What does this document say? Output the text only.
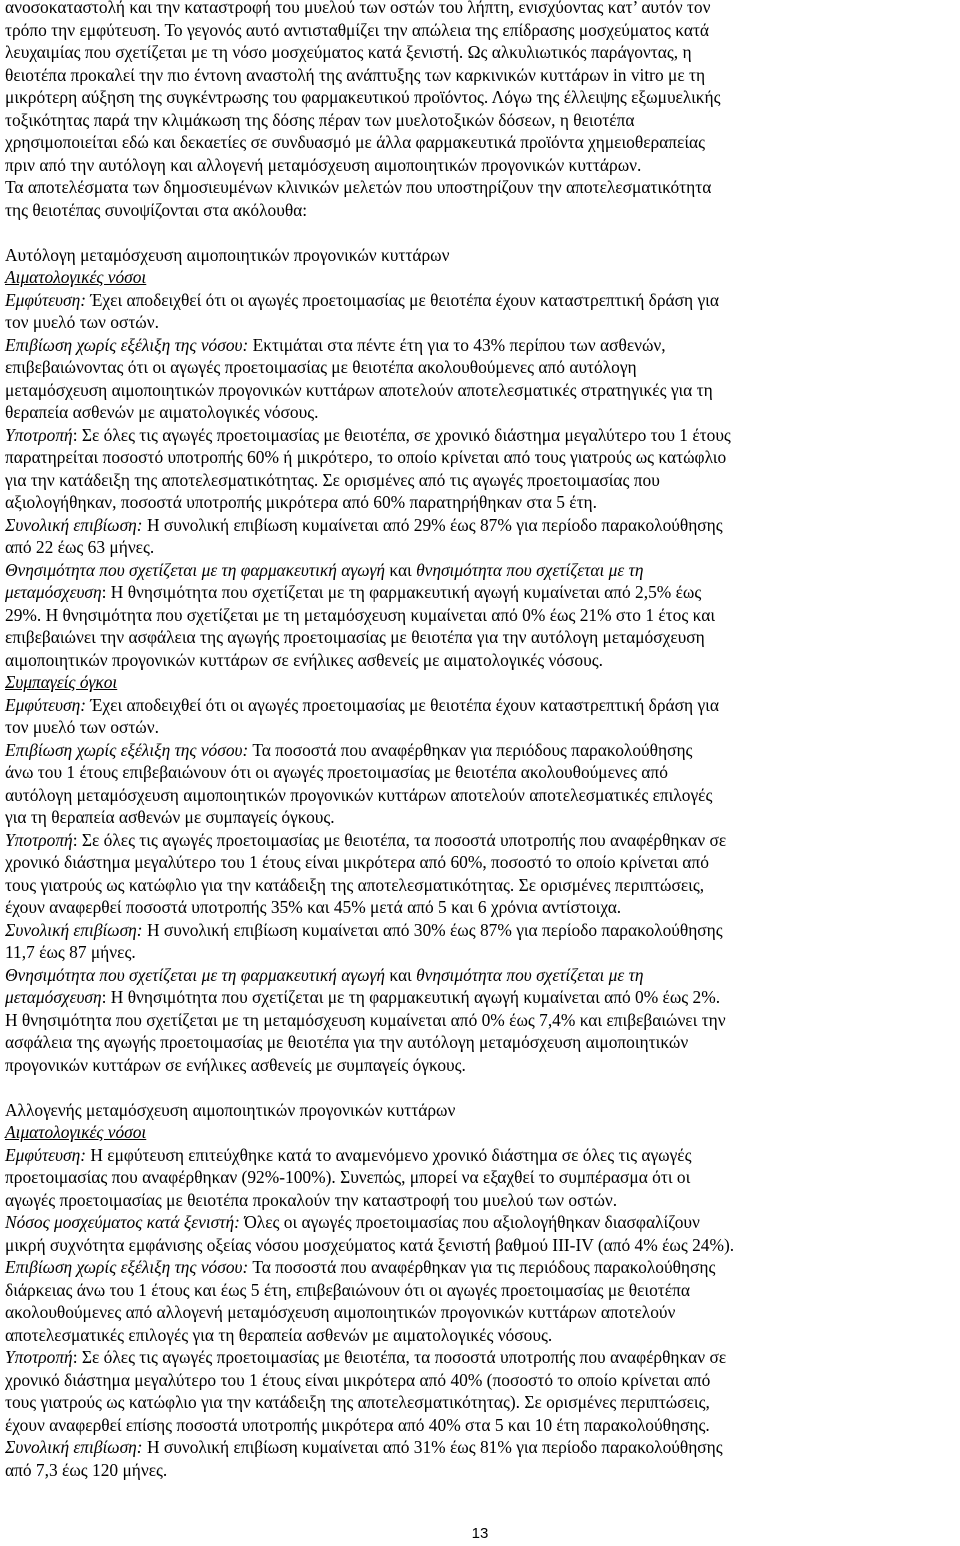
ανοσοκαταστολή και την καταστροφή του μυελού των οστών του λήπτη, ενισχύοντας κατ’ αυτόν τον

τρόπο την εμφύτευση. Το γεγονός αυτό αντισταθμίζει την απώλεια της επίδρασης μοσχεύματος κατά

λευχαιμίας που σχετίζεται με τη νόσο μοσχεύματος κατά ξενιστή. Ως αλκυλιωτικός παράγοντας, η

θειοτέπα προκαλεί την πιο έντονη αναστολή της ανάπτυξης των καρκινικών κυττάρων in vitro με τη

μικρότερη αύξηση της συγκέντρωσης του φαρμακευτικού προϊόντος. Λόγω της έλλειψης εξωμυελικής

τοξικότητας παρά την κλιμάκωση της δόσης πέραν των μυελοτοξικών δόσεων, η θειοτέπα

χρησιμοποιείται εδώ και δεκαετίες σε συνδυασμό με άλλα φαρμακευτικά προϊόντα χημειοθεραπείας

πριν από την αυτόλογη και αλλογενή μεταμόσχευση αιμοποιητικών προγονικών κυττάρων.

Τα αποτελέσματα των δημοσιευμένων κλινικών μελετών που υποστηρίζουν την αποτελεσματικότητα

της θειοτέπας συνοψίζονται στα ακόλουθα:

Αυτόλογη μεταμόσχευση αιμοποιητικών προγονικών κυττάρων

Αιματολογικές νόσοι

Εμφύτευση: Έχει αποδειχθεί ότι οι αγωγές προετοιμασίας με θειοτέπα έχουν καταστρεπτική δράση για

τον μυελό των οστών.

Επιβίωση χωρίς εξέλιξη της νόσου: Εκτιμάται στα πέντε έτη για το 43% περίπου των ασθενών,

επιβεβαιώνοντας ότι οι αγωγές προετοιμασίας με θειοτέπα ακολουθούμενες από αυτόλογη

μεταμόσχευση αιμοποιητικών προγονικών κυττάρων αποτελούν αποτελεσματικές στρατηγικές για τη

θεραπεία ασθενών με αιματολογικές νόσους.

Υποτροπή: Σε όλες τις αγωγές προετοιμασίας με θειοτέπα, σε χρονικό διάστημα μεγαλύτερο του 1 έτους

παρατηρείται ποσοστό υποτροπής 60% ή μικρότερο, το οποίο κρίνεται από τους γιατρούς ως κατώφλιο

για την κατάδειξη της αποτελεσματικότητας. Σε ορισμένες από τις αγωγές προετοιμασίας που

αξιολογήθηκαν, ποσοστά υποτροπής μικρότερα από 60% παρατηρήθηκαν στα 5 έτη.

Συνολική επιβίωση: Η συνολική επιβίωση κυμαίνεται από 29% έως 87% για περίοδο παρακολούθησης

από 22 έως 63 μήνες.

Θνησιμότητα που σχετίζεται με τη φαρμακευτική αγωγή και θνησιμότητα που σχετίζεται με τη

μεταμόσχευση: Η θνησιμότητα που σχετίζεται με τη φαρμακευτική αγωγή κυμαίνεται από 2,5% έως

29%. Η θνησιμότητα που σχετίζεται με τη μεταμόσχευση κυμαίνεται από 0% έως 21% στο 1 έτος και

επιβεβαιώνει την ασφάλεια της αγωγής προετοιμασίας με θειοτέπα για την αυτόλογη μεταμόσχευση

αιμοποιητικών προγονικών κυττάρων σε ενήλικες ασθενείς με αιματολογικές νόσους.

Συμπαγείς όγκοι

Εμφύτευση: Έχει αποδειχθεί ότι οι αγωγές προετοιμασίας με θειοτέπα έχουν καταστρεπτική δράση για

τον μυελό των οστών.

Επιβίωση χωρίς εξέλιξη της νόσου: Τα ποσοστά που αναφέρθηκαν για περιόδους παρακολούθησης

άνω του 1 έτους επιβεβαιώνουν ότι οι αγωγές προετοιμασίας με θειοτέπα ακολουθούμενες από

αυτόλογη μεταμόσχευση αιμοποιητικών προγονικών κυττάρων αποτελούν αποτελεσματικές επιλογές

για τη θεραπεία ασθενών με συμπαγείς όγκους.

Υποτροπή: Σε όλες τις αγωγές προετοιμασίας με θειοτέπα, τα ποσοστά υποτροπής που αναφέρθηκαν σε

χρονικό διάστημα μεγαλύτερο του 1 έτους είναι μικρότερα από 60%, ποσοστό το οποίο κρίνεται από

τους γιατρούς ως κατώφλιο για την κατάδειξη της αποτελεσματικότητας. Σε ορισμένες περιπτώσεις,

έχουν αναφερθεί ποσοστά υποτροπής 35% και 45% μετά από 5 και 6 χρόνια αντίστοιχα.

Συνολική επιβίωση: Η συνολική επιβίωση κυμαίνεται από 30% έως 87% για περίοδο παρακολούθησης

11,7 έως 87 μήνες.

Θνησιμότητα που σχετίζεται με τη φαρμακευτική αγωγή και θνησιμότητα που σχετίζεται με τη

μεταμόσχευση: Η θνησιμότητα που σχετίζεται με τη φαρμακευτική αγωγή κυμαίνεται από 0% έως 2%.

Η θνησιμότητα που σχετίζεται με τη μεταμόσχευση κυμαίνεται από 0% έως 7,4% και επιβεβαιώνει την

ασφάλεια της αγωγής προετοιμασίας με θειοτέπα για την αυτόλογη μεταμόσχευση αιμοποιητικών

προγονικών κυττάρων σε ενήλικες ασθενείς με συμπαγείς όγκους.

Αλλογενής μεταμόσχευση αιμοποιητικών προγονικών κυττάρων

Αιματολογικές νόσοι

Εμφύτευση: Η εμφύτευση επιτεύχθηκε κατά το αναμενόμενο χρονικό διάστημα σε όλες τις αγωγές

προετοιμασίας που αναφέρθηκαν (92%-100%). Συνεπώς, μπορεί να εξαχθεί το συμπέρασμα ότι οι

αγωγές προετοιμασίας με θειοτέπα προκαλούν την καταστροφή του μυελού των οστών.

Νόσος μοσχεύματος κατά ξενιστή: Όλες οι αγωγές προετοιμασίας που αξιολογήθηκαν διασφαλίζουν

μικρή συχνότητα εμφάνισης οξείας νόσου μοσχεύματος κατά ξενιστή βαθμού III-IV (από 4% έως 24%).

Επιβίωση χωρίς εξέλιξη της νόσου: Τα ποσοστά που αναφέρθηκαν για τις περιόδους παρακολούθησης

διάρκειας άνω του 1 έτους και έως 5 έτη, επιβεβαιώνουν ότι οι αγωγές προετοιμασίας με θειοτέπα

ακολουθούμενες από αλλογενή μεταμόσχευση αιμοποιητικών προγονικών κυττάρων αποτελούν

αποτελεσματικές επιλογές για τη θεραπεία ασθενών με αιματολογικές νόσους.

Υποτροπή: Σε όλες τις αγωγές προετοιμασίας με θειοτέπα, τα ποσοστά υποτροπής που αναφέρθηκαν σε

χρονικό διάστημα μεγαλύτερο του 1 έτους είναι μικρότερα από 40% (ποσοστό το οποίο κρίνεται από

τους γιατρούς ως κατώφλιο για την κατάδειξη της αποτελεσματικότητας). Σε ορισμένες περιπτώσεις,

έχουν αναφερθεί επίσης ποσοστά υποτροπής μικρότερα από 40% στα 5 και 10 έτη παρακολούθησης.

Συνολική επιβίωση: Η συνολική επιβίωση κυμαίνεται από 31% έως 81% για περίοδο παρακολούθησης

από 7,3 έως 120 μήνες.

13
